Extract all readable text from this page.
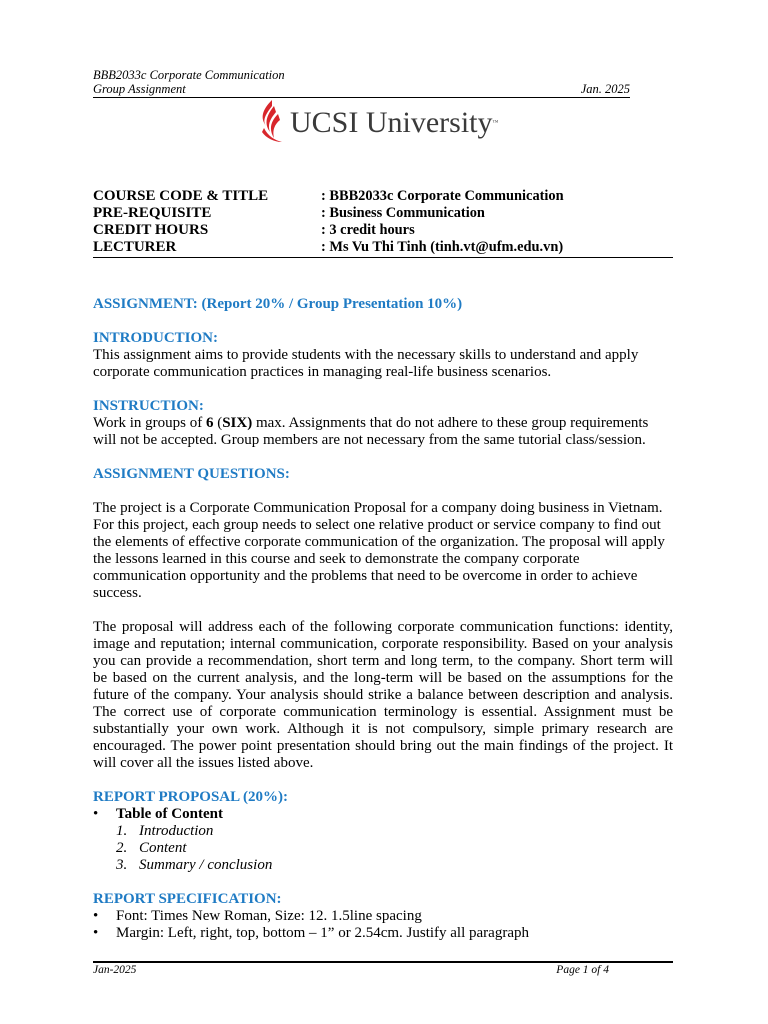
BBB2033c Corporate Communication
Group Assignment	Jan. 2025
UCSI University ™
COURSE CODE & TITLE	: BBB2033c Corporate Communication
PRE-REQUISITE	: Business Communication
CREDIT HOURS	: 3 credit hours
LECTURER	: Ms Vu Thi Tinh (tinh.vt@ufm.edu.vn)
ASSIGNMENT: (Report 20% / Group Presentation 10%)
INTRODUCTION:

This assignment aims to provide students with the necessary skills to understand and apply corporate communication practices in managing real-life business scenarios.

INSTRUCTION:

Work in groups of 6 (SIX) max. Assignments that do not adhere to these group requirements will not be accepted. Group members are not necessary from the same tutorial class/session.

ASSIGNMENT QUESTIONS:

The project is a Corporate Communication Proposal for a company doing business in Vietnam. For this project, each group needs to select one relative product or service company to find out the elements of effective corporate communication of the organization. The proposal will apply the lessons learned in this course and seek to demonstrate the company corporate communication opportunity and the problems that need to be overcome in order to achieve success.

The proposal will address each of the following corporate communication functions: identity, image and reputation; internal communication, corporate responsibility. Based on your analysis you can provide a recommendation, short term and long term, to the company. Short term will be based on the current analysis, and the long-term will be based on the assumptions for the future of the company. Your analysis should strike a balance between description and analysis. The correct use of corporate communication terminology is essential. Assignment must be substantially your own work. Although it is not compulsory, simple primary research are encouraged. The power point presentation should bring out the main findings of the project. It will cover all the issues listed above.

REPORT PROPOSAL (20%):
• Table of Content
1. Introduction
2. Content
3. Summary / conclusion
REPORT SPECIFICATION:
• Font: Times New Roman, Size: 12. 1.5line spacing
• Margin: Left, right, top, bottom – 1” or 2.54cm. Justify all paragraph
Jan-2025	Page 1 of 4
